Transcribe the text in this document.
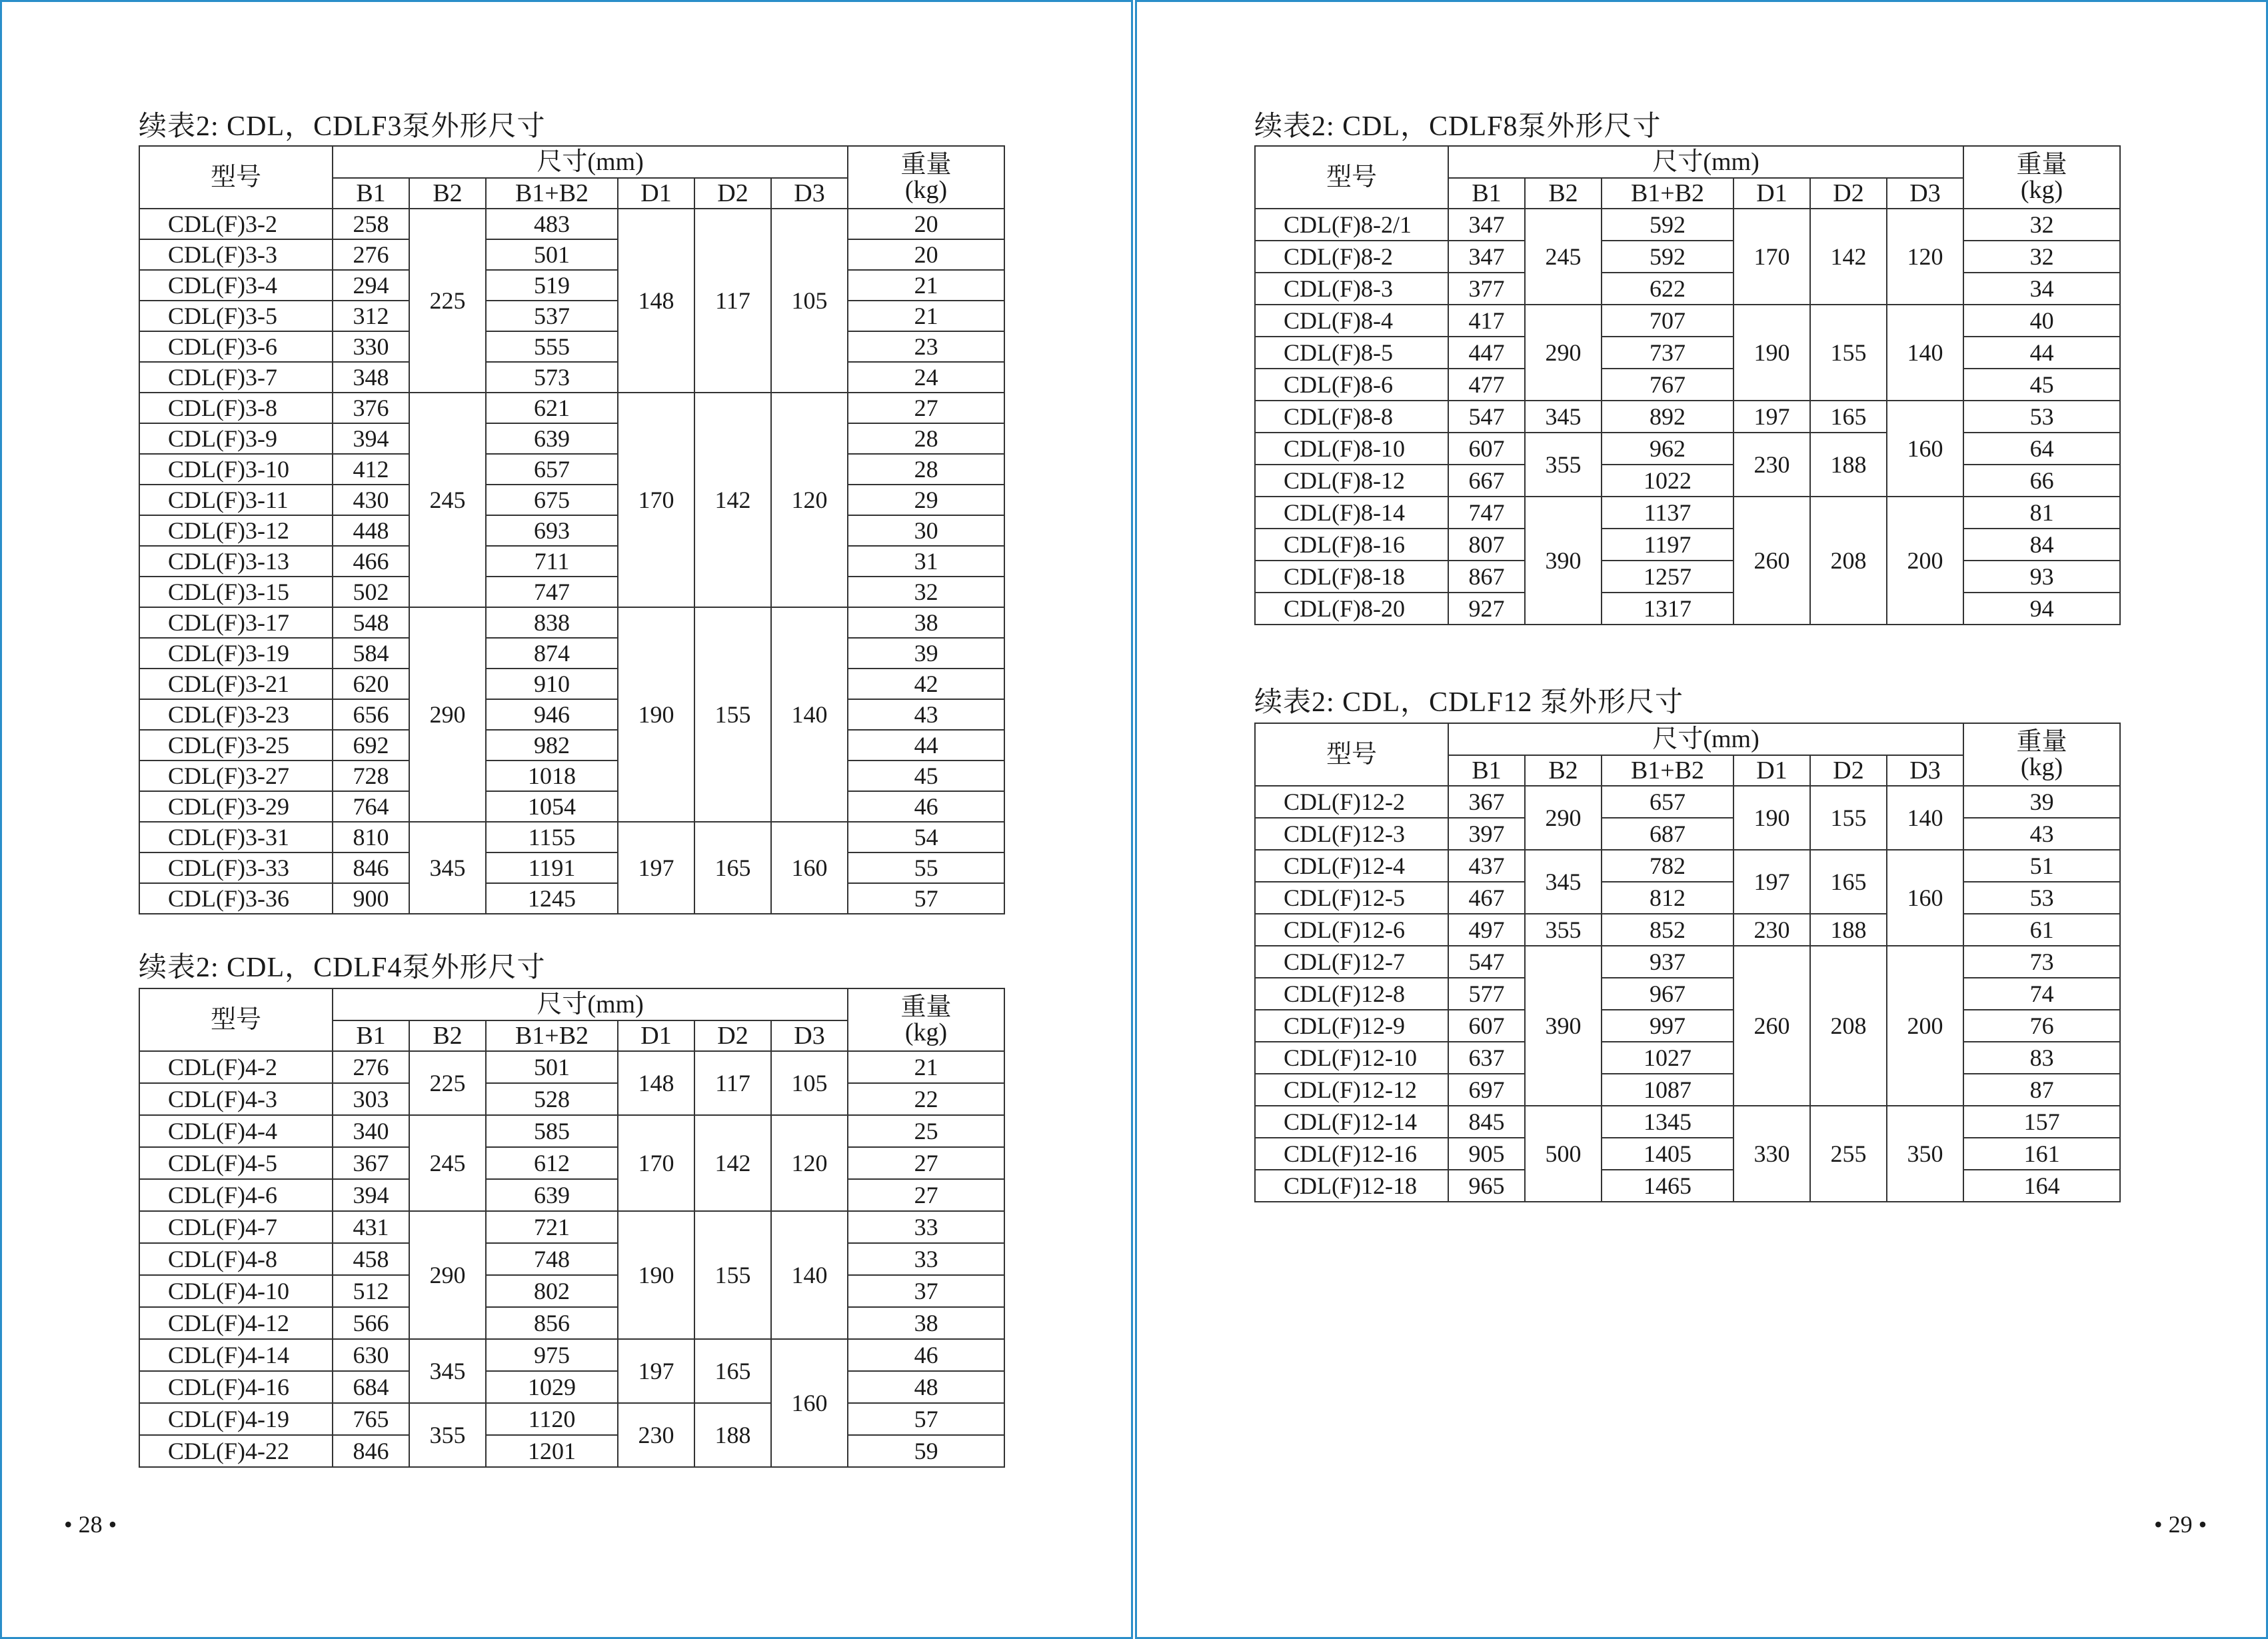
续表2: CDL，CDLF3泵外形尺寸
型号	尺寸(mm)						重量
(kg)

	B1	B2	B1+B2	D1	D2	D3	
CDL(F)3-2	258	225	483	148	117	105	20
CDL(F)3-3	276		501				20
CDL(F)3-4	294		519				21
CDL(F)3-5	312		537				21
CDL(F)3-6	330		555				23
CDL(F)3-7	348		573				24
CDL(F)3-8	376	245	621	170	142	120	27
CDL(F)3-9	394		639				28
CDL(F)3-10	412		657				28
CDL(F)3-11	430		675				29
CDL(F)3-12	448		693				30
CDL(F)3-13	466		711				31
CDL(F)3-15	502		747				32
CDL(F)3-17	548	290	838	190	155	140	38
CDL(F)3-19	584		874				39
CDL(F)3-21	620		910				42
CDL(F)3-23	656		946				43
CDL(F)3-25	692		982				44
CDL(F)3-27	728		1018				45
CDL(F)3-29	764		1054				46
CDL(F)3-31	810	345	1155	197	165	160	54
CDL(F)3-33	846		1191				55
CDL(F)3-36	900		1245				57
续表2: CDL，CDLF4泵外形尺寸
型号	尺寸(mm)						重量
(kg)

	B1	B2	B1+B2	D1	D2	D3	
CDL(F)4-2	276	225	501	148	117	105	21
CDL(F)4-3	303		528				22
CDL(F)4-4	340	245	585	170	142	120	25
CDL(F)4-5	367		612				27
CDL(F)4-6	394		639				27
CDL(F)4-7	431	290	721	190	155	140	33
CDL(F)4-8	458		748				33
CDL(F)4-10	512		802				37
CDL(F)4-12	566		856				38
CDL(F)4-14	630	345	975	197	165	160	46
CDL(F)4-16	684		1029				48
CDL(F)4-19	765	355	1120	230	188		57
CDL(F)4-22	846		1201				59
• 28 •
续表2: CDL，CDLF8泵外形尺寸
型号	尺寸(mm)						重量
(kg)

	B1	B2	B1+B2	D1	D2	D3	
CDL(F)8-2/1	347	245	592	170	142	120	32
CDL(F)8-2	347		592				32
CDL(F)8-3	377		622				34
CDL(F)8-4	417	290	707	190	155	140	40
CDL(F)8-5	447		737				44
CDL(F)8-6	477		767				45
CDL(F)8-8	547	345	892	197	165	160	53
CDL(F)8-10	607	355	962	230	188		64
CDL(F)8-12	667		1022				66
CDL(F)8-14	747	390	1137	260	208	200	81
CDL(F)8-16	807		1197				84
CDL(F)8-18	867		1257				93
CDL(F)8-20	927		1317				94
续表2: CDL，CDLF12 泵外形尺寸
型号	尺寸(mm)						重量
(kg)

	B1	B2	B1+B2	D1	D2	D3	
CDL(F)12-2	367	290	657	190	155	140	39
CDL(F)12-3	397		687				43
CDL(F)12-4	437	345	782	197	165	160	51
CDL(F)12-5	467		812				53
CDL(F)12-6	497	355	852	230	188		61
CDL(F)12-7	547	390	937	260	208	200	73
CDL(F)12-8	577		967				74
CDL(F)12-9	607		997				76
CDL(F)12-10	637		1027				83
CDL(F)12-12	697		1087				87
CDL(F)12-14	845	500	1345	330	255	350	157
CDL(F)12-16	905		1405				161
CDL(F)12-18	965		1465				164
• 29 •
